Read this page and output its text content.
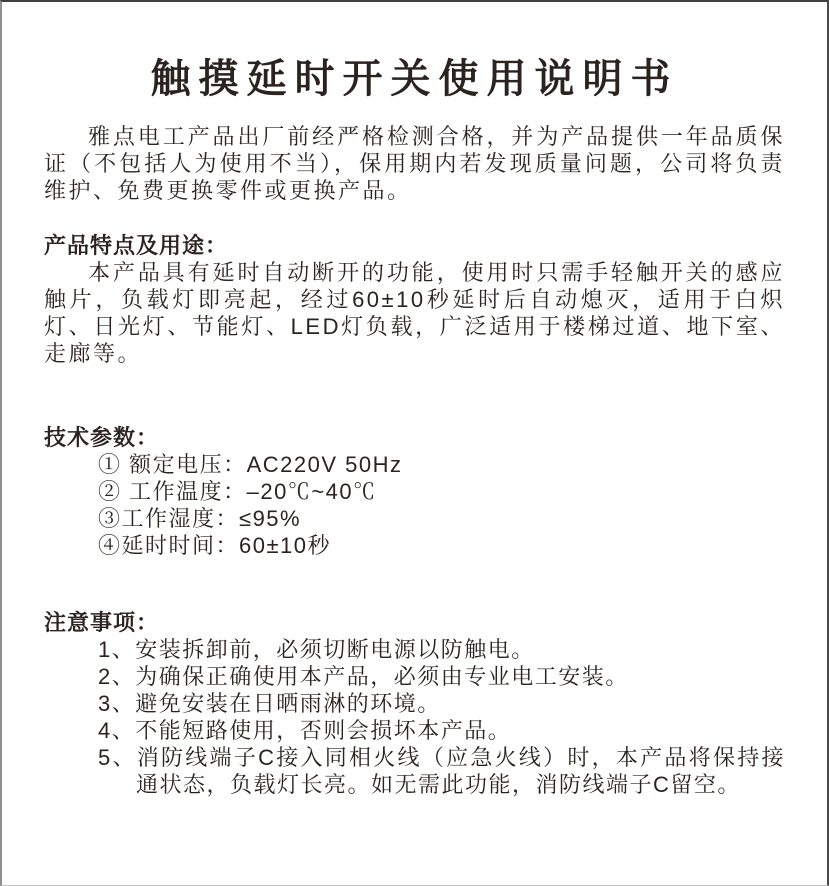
触摸延时开关使用说明书

雅点电工产品出厂前经严格检测合格，并为产品提供一年品质保证（不包括人为使用不当），保用期内若发现质量问题，公司将负责维护、免费更换零件或更换产品。

产品特点及用途：

本产品具有延时自动断开的功能，使用时只需手轻触开关的感应触片，负载灯即亮起，经过60±10秒延时后自动熄灭，适用于白炽灯、日光灯、节能灯、LED灯负载，广泛适用于楼梯过道、地下室、走廊等。

技术参数：

① 额定电压：AC220V 50Hz

② 工作温度：–20℃~40℃

③工作湿度：≤95%

④延时时间：60±10秒

注意事项：

1、安装拆卸前，必须切断电源以防触电。

2、为确保正确使用本产品，必须由专业电工安装。

3、避免安装在日晒雨淋的环境。

4、不能短路使用，否则会损坏本产品。

5、消防线端子C接入同相火线（应急火线）时，本产品将保持接通状态，负载灯长亮。如无需此功能，消防线端子C留空。
